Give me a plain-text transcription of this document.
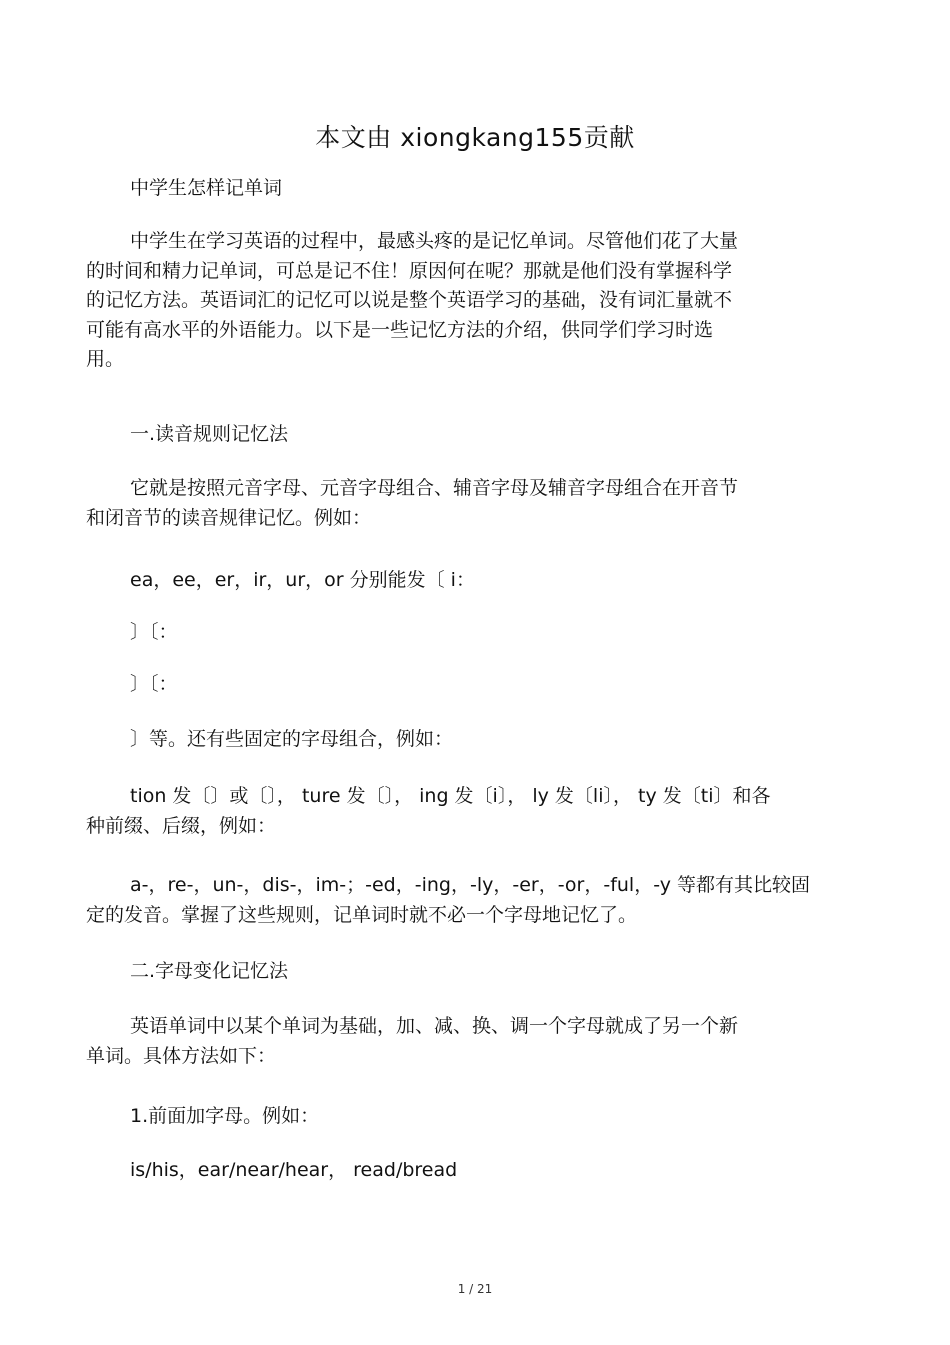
本文由 xiongkang155贡献
中学生怎样记单词
中学生在学习英语的过程中，最感头疼的是记忆单词。尽管他们花了大量
的时间和精力记单词，可总是记不住！原因何在呢？那就是他们没有掌握科学
的记忆方法。英语词汇的记忆可以说是整个英语学习的基础，没有词汇量就不
可能有高水平的外语能力。以下是一些记忆方法的介绍，供同学们学习时选
用。
一.读音规则记忆法
它就是按照元音字母、元音字母组合、辅音字母及辅音字母组合在开音节
和闭音节的读音规律记忆。例如：
ea，ee，er，ir，ur，or 分别能发〔 i：
〕〔：
〕〔：
〕等。还有些固定的字母组合，例如：
tion 发〔〕或〔〕， ture 发〔〕， ing 发〔i〕， ly 发〔li〕， ty 发〔ti〕和各
种前缀、后缀，例如：
a-，re-，un-，dis-，im-；-ed，-ing，-ly，-er，-or，-ful，-y 等都有其比较固
定的发音。掌握了这些规则，记单词时就不必一个字母地记忆了。
二.字母变化记忆法
英语单词中以某个单词为基础，加、减、换、调一个字母就成了另一个新
单词。具体方法如下：
1.前面加字母。例如：
is/his，ear/near/hear， read/bread
1 / 21
